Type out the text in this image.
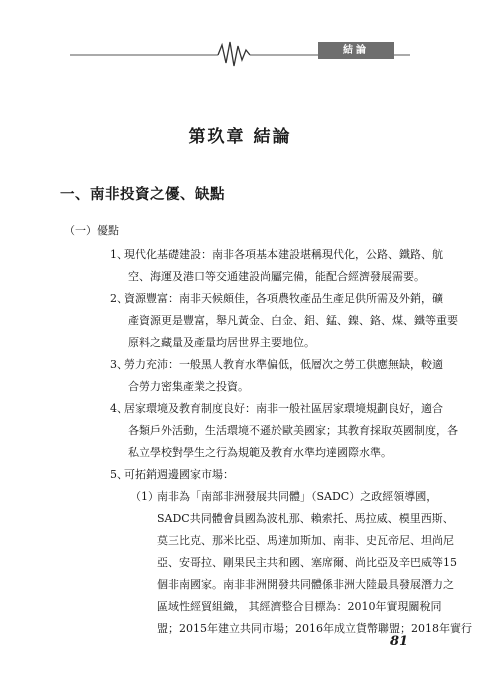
結論
第玖章 結論
一、南非投資之優、缺點
（一）優點
1、
現代化基礎建設：南非各項基本建設堪稱現代化，公路、鐵路、航
空、海運及港口等交通建設尚屬完備，能配合經濟發展需要。
2、
資源豐富：南非天候頗佳，各項農牧產品生產足供所需及外銷，礦
產資源更是豐富，舉凡黃金、白金、鋁、錳、鎳、鉻、煤、鐵等重要
原料之藏量及產量均居世界主要地位。
3、
勞力充沛：一般黑人教育水準偏低，低層次之勞工供應無缺，較適
合勞力密集產業之投資。
4、
居家環境及教育制度良好：南非一般社區居家環境規劃良好，適合
各類戶外活動，生活環境不遜於歐美國家；其教育採取英國制度，各
私立學校對學生之行為規範及教育水準均達國際水準。
5、
可拓銷週邊國家市場：
（1）
南非為「南部非洲發展共同體」（SADC）之政經領導國，
SADC共同體會員國為波札那、賴索托、馬拉威、模里西斯、
莫三比克、那米比亞、馬達加斯加、南非、史瓦帝尼、坦尚尼
亞、安哥拉、剛果民主共和國、塞席爾、尚比亞及辛巴威等15
個非南國家。南非非洲開發共同體係非洲大陸最具發展潛力之
區域性經貿組織， 其經濟整合目標為：2010年實現關稅同
盟；2015年建立共同市場；2016年成立貨幣聯盟；2018年實行
81
